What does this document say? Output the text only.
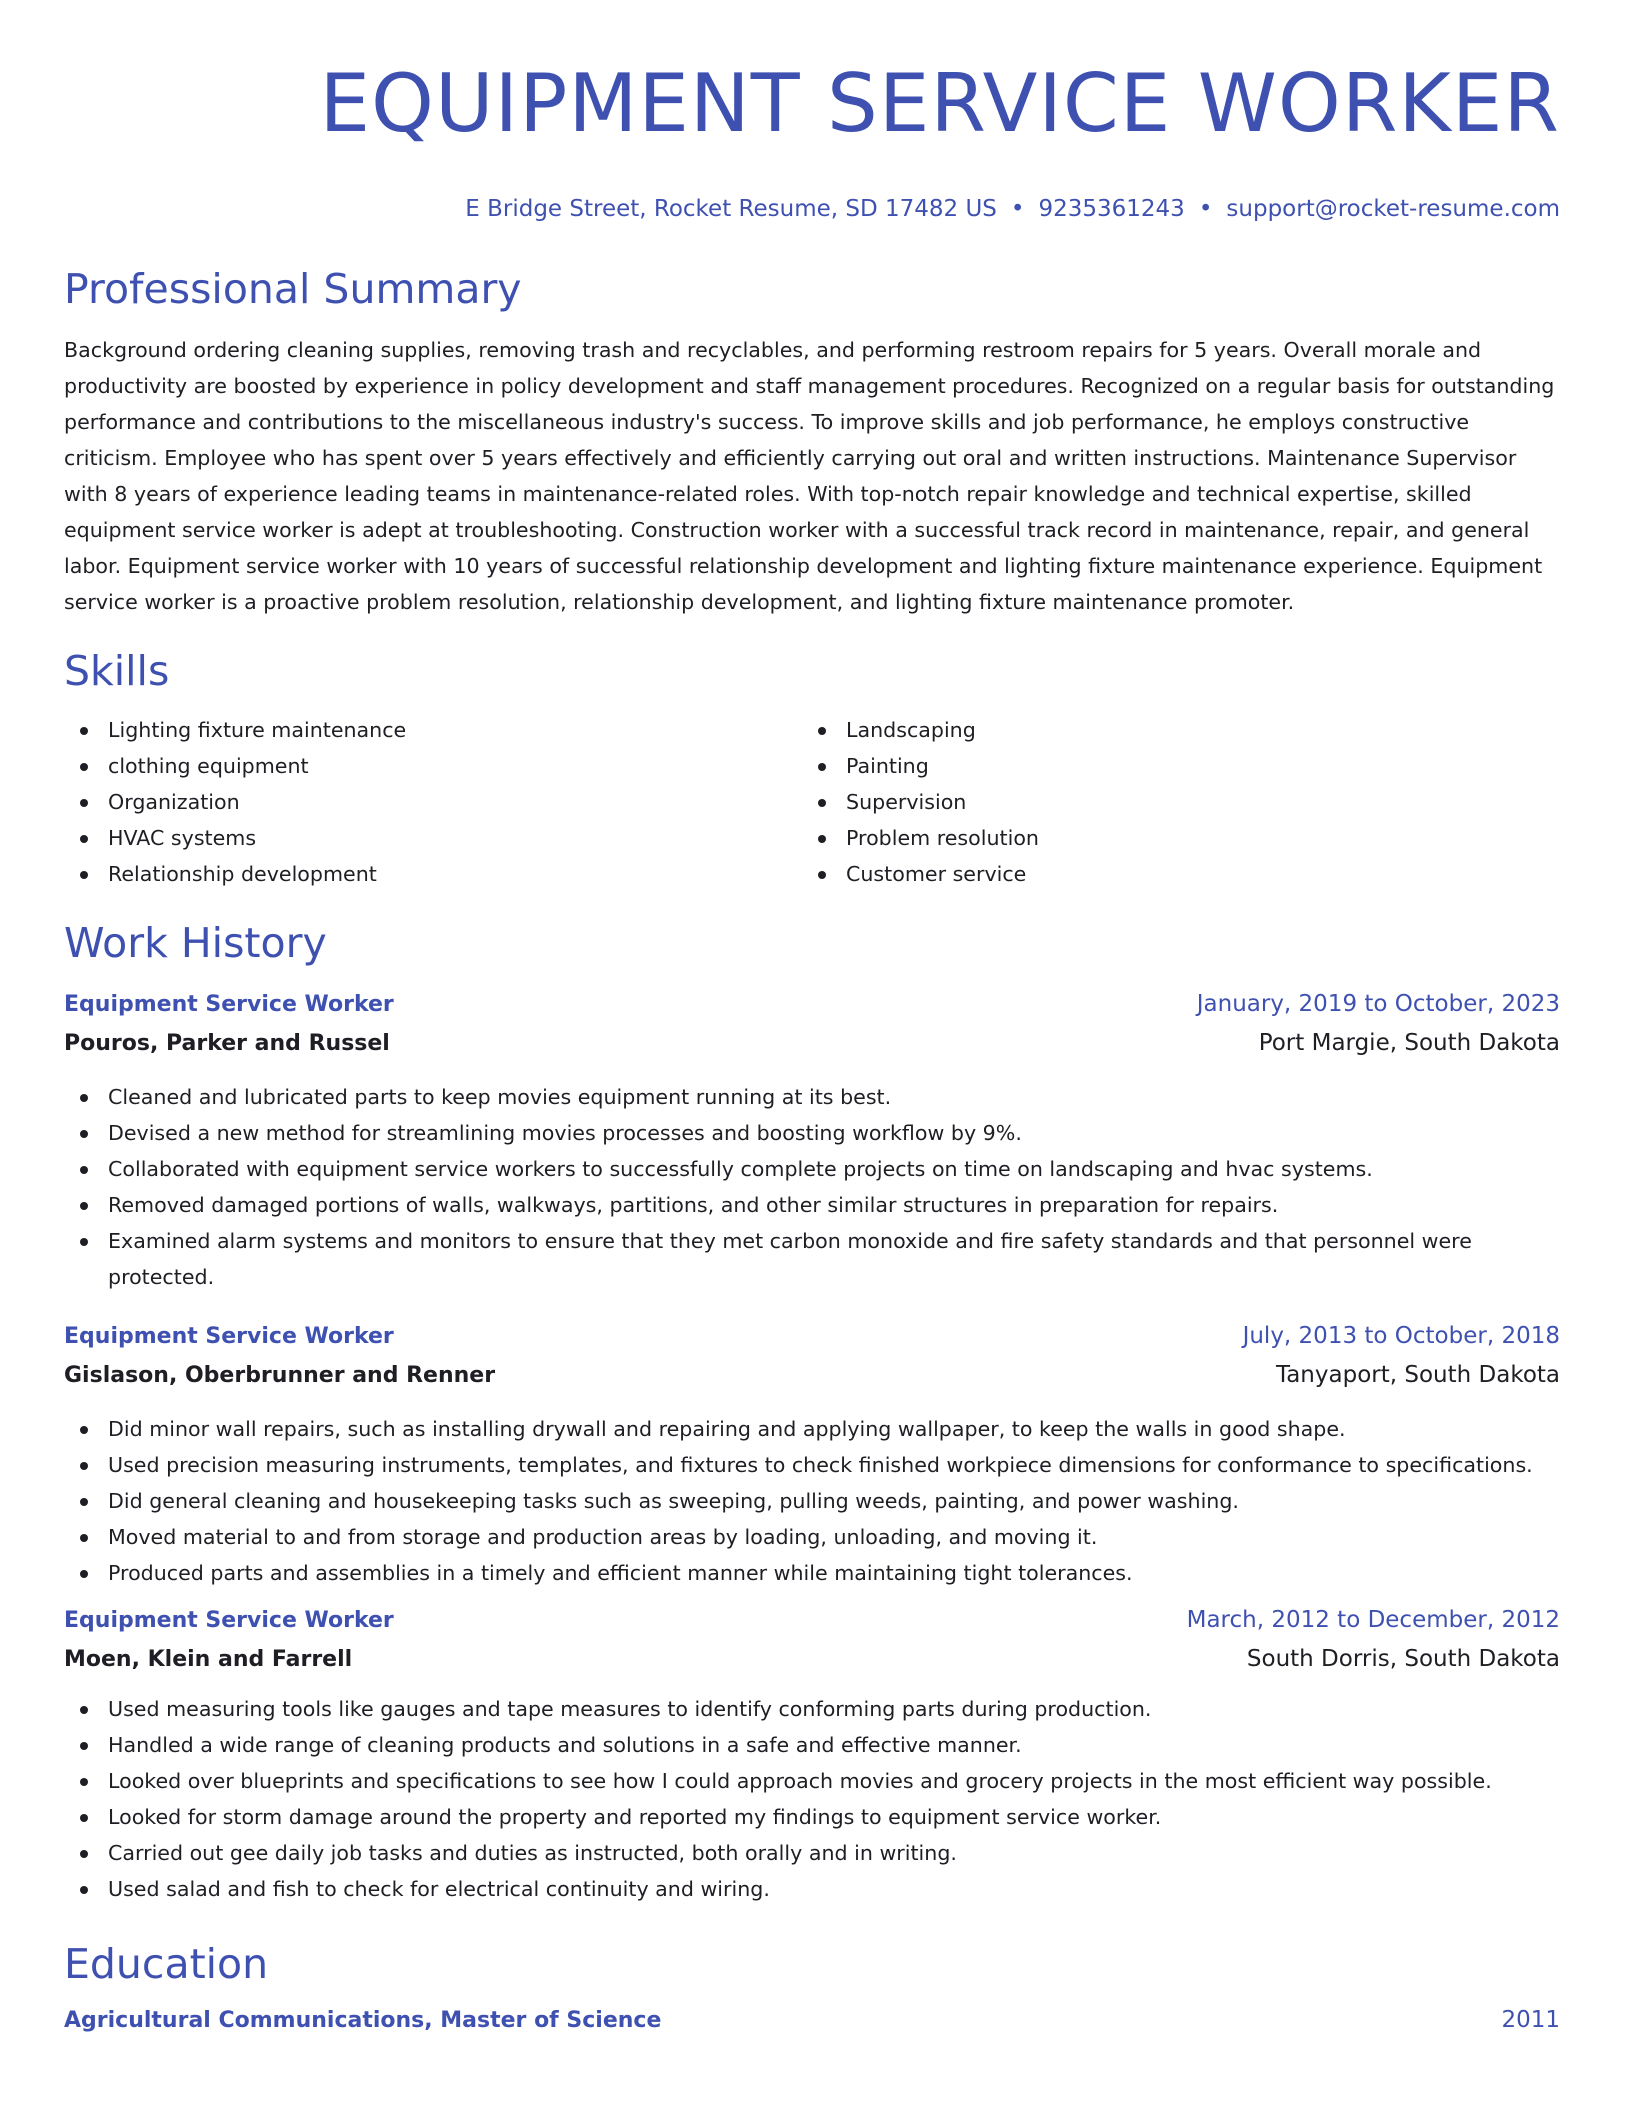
EQUIPMENT SERVICE WORKER
E Bridge Street, Rocket Resume, SD 17482 US • 9235361243 • support@rocket-resume.com
Professional Summary

Background ordering cleaning supplies, removing trash and recyclables, and performing restroom repairs for 5 years. Overall morale and productivity are boosted by experience in policy development and staff management procedures. Recognized on a regular basis for outstanding performance and contributions to the miscellaneous industry's success. To improve skills and job performance, he employs constructive criticism. Employee who has spent over 5 years effectively and efficiently carrying out oral and written instructions. Maintenance Supervisor with 8 years of experience leading teams in maintenance-related roles. With top-notch repair knowledge and technical expertise, skilled equipment service worker is adept at troubleshooting. Construction worker with a successful track record in maintenance, repair, and general labor. Equipment service worker with 10 years of successful relationship development and lighting fixture maintenance experience. Equipment service worker is a proactive problem resolution, relationship development, and lighting fixture maintenance promoter.

Skills
Lighting fixture maintenance
clothing equipment
Organization
HVAC systems
Relationship development
Landscaping
Painting
Supervision
Problem resolution
Customer service
Work History
Equipment Service Worker	January, 2019 to October, 2023
Pouros, Parker and Russel	Port Margie, South Dakota
Cleaned and lubricated parts to keep movies equipment running at its best.
Devised a new method for streamlining movies processes and boosting workflow by 9%.
Collaborated with equipment service workers to successfully complete projects on time on landscaping and hvac systems.
Removed damaged portions of walls, walkways, partitions, and other similar structures in preparation for repairs.
Examined alarm systems and monitors to ensure that they met carbon monoxide and fire safety standards and that personnel were protected.
Equipment Service Worker	July, 2013 to October, 2018
Gislason, Oberbrunner and Renner	Tanyaport, South Dakota
Did minor wall repairs, such as installing drywall and repairing and applying wallpaper, to keep the walls in good shape.
Used precision measuring instruments, templates, and fixtures to check finished workpiece dimensions for conformance to specifications.
Did general cleaning and housekeeping tasks such as sweeping, pulling weeds, painting, and power washing.
Moved material to and from storage and production areas by loading, unloading, and moving it.
Produced parts and assemblies in a timely and efficient manner while maintaining tight tolerances.
Equipment Service Worker	March, 2012 to December, 2012
Moen, Klein and Farrell	South Dorris, South Dakota
Used measuring tools like gauges and tape measures to identify conforming parts during production.
Handled a wide range of cleaning products and solutions in a safe and effective manner.
Looked over blueprints and specifications to see how I could approach movies and grocery projects in the most efficient way possible.
Looked for storm damage around the property and reported my findings to equipment service worker.
Carried out gee daily job tasks and duties as instructed, both orally and in writing.
Used salad and fish to check for electrical continuity and wiring.
Education
Agricultural Communications, Master of Science	2011
